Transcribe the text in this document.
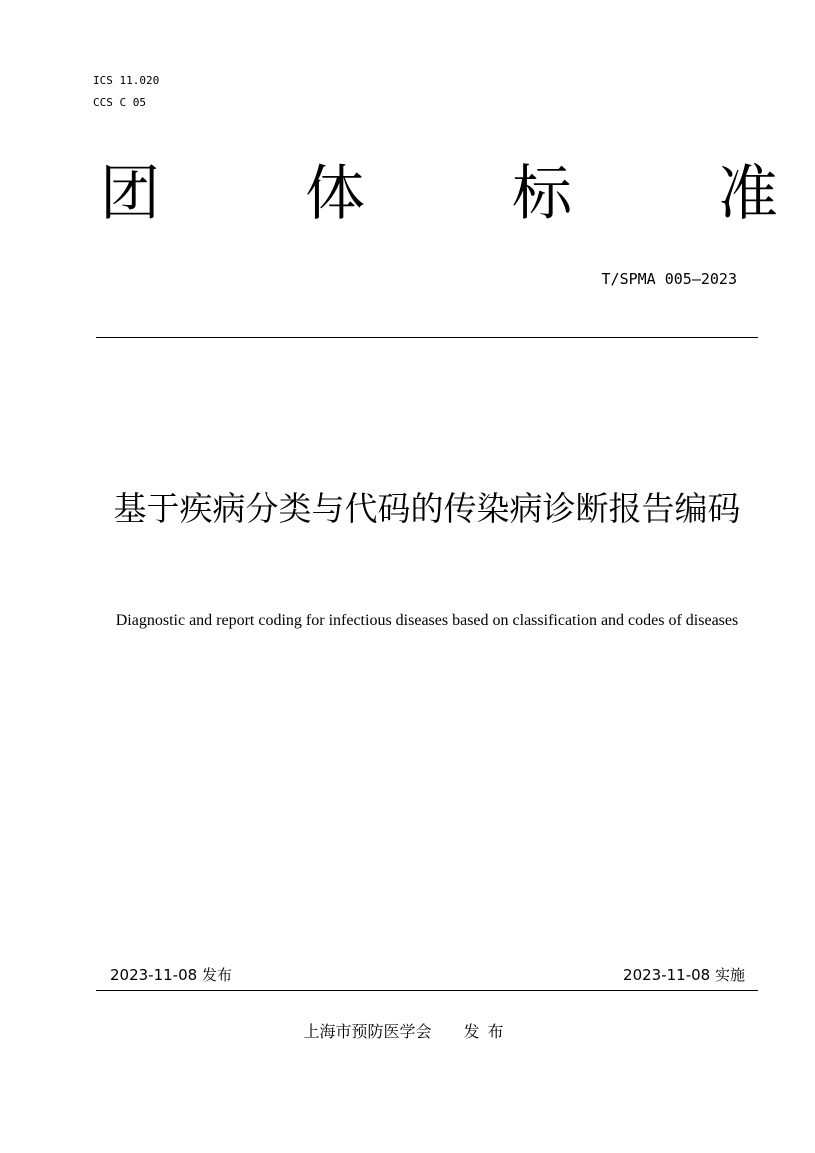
ICS 11.020
CCS C 05
团 体 标 准
T/SPMA 005—2023
基于疾病分类与代码的传染病诊断报告编码
Diagnostic and report coding for infectious diseases based on classification and codes of diseases
2023-11-08 发布	2023-11-08 实施
上海市预防医学会 发布
